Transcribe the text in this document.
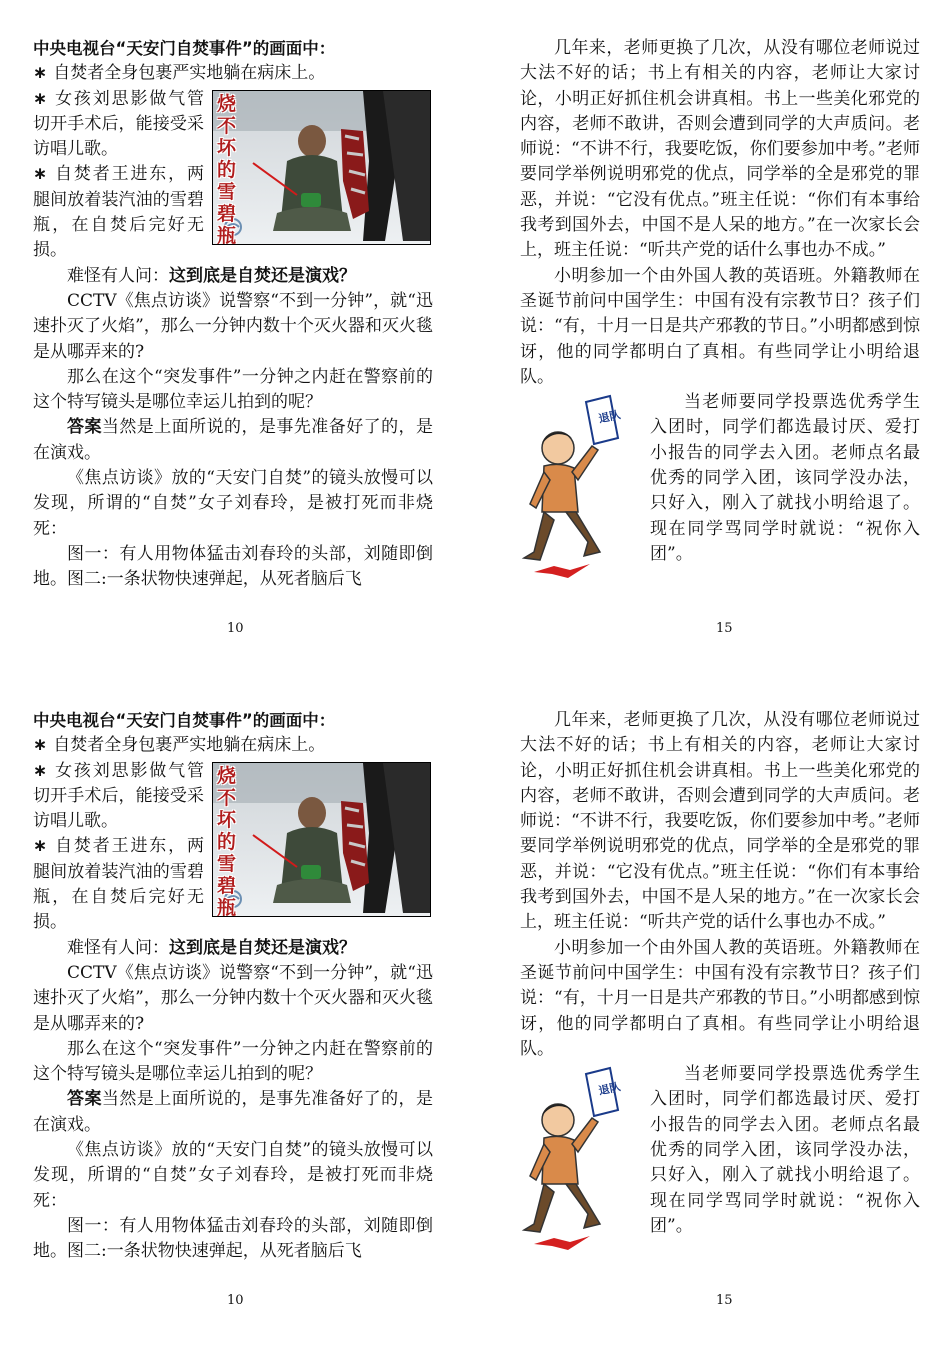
中央电视台“天安门自焚事件”的画面中：

∗ 自焚者全身包裹严实地躺在病床上。

烧不坏的雪碧瓶

∗ 女孩刘思影做气管切开手术后，能接受采访唱儿歌。

∗ 自焚者王进东，两腿间放着装汽油的雪碧瓶，在自焚后完好无损。

难怪有人问：这到底是自焚还是演戏？

CCTV《焦点访谈》说警察“不到一分钟”，就“迅速扑灭了火焰”，那么一分钟内数十个灭火器和灭火毯是从哪弄来的?

那么在这个“突发事件”一分钟之内赶在警察前的这个特写镜头是哪位幸运儿拍到的呢？

答案当然是上面所说的，是事先准备好了的，是在演戏。

《焦点访谈》放的“天安门自焚”的镜头放慢可以发现，所谓的“自焚”女子刘春玲，是被打死而非烧死：

图一：有人用物体猛击刘春玲的头部，刘随即倒地。图二:一条状物快速弹起，从死者脑后飞

10

几年来，老师更换了几次，从没有哪位老师说过大法不好的话；书上有相关的内容，老师让大家讨论，小明正好抓住机会讲真相。书上一些美化邪党的内容，老师不敢讲，否则会遭到同学的大声质问。老师说：“不讲不行，我要吃饭，你们要参加中考。”老师要同学举例说明邪党的优点，同学举的全是邪党的罪恶，并说：“它没有优点。”班主任说：“你们有本事给我考到国外去，中国不是人呆的地方。”在一次家长会上，班主任说：“听共产党的话什么事也办不成。”

小明参加一个由外国人教的英语班。外籍教师在圣诞节前问中国学生：中国有没有宗教节日？孩子们说：“有，十月一日是共产邪教的节日。”小明都感到惊讶，他的同学都明白了真相。有些同学让小明给退队。

退队

当老师要同学投票选优秀学生入团时，同学们都选最讨厌、爱打小报告的同学去入团。老师点名最优秀的同学入团，该同学没办法，只好入，刚入了就找小明给退了。现在同学骂同学时就说：“祝你入团”。

15

中央电视台“天安门自焚事件”的画面中：

∗ 自焚者全身包裹严实地躺在病床上。

烧不坏的雪碧瓶

∗ 女孩刘思影做气管切开手术后，能接受采访唱儿歌。

∗ 自焚者王进东，两腿间放着装汽油的雪碧瓶，在自焚后完好无损。

难怪有人问：这到底是自焚还是演戏？

CCTV《焦点访谈》说警察“不到一分钟”，就“迅速扑灭了火焰”，那么一分钟内数十个灭火器和灭火毯是从哪弄来的?

那么在这个“突发事件”一分钟之内赶在警察前的这个特写镜头是哪位幸运儿拍到的呢？

答案当然是上面所说的，是事先准备好了的，是在演戏。

《焦点访谈》放的“天安门自焚”的镜头放慢可以发现，所谓的“自焚”女子刘春玲，是被打死而非烧死：

图一：有人用物体猛击刘春玲的头部，刘随即倒地。图二:一条状物快速弹起，从死者脑后飞

10

几年来，老师更换了几次，从没有哪位老师说过大法不好的话；书上有相关的内容，老师让大家讨论，小明正好抓住机会讲真相。书上一些美化邪党的内容，老师不敢讲，否则会遭到同学的大声质问。老师说：“不讲不行，我要吃饭，你们要参加中考。”老师要同学举例说明邪党的优点，同学举的全是邪党的罪恶，并说：“它没有优点。”班主任说：“你们有本事给我考到国外去，中国不是人呆的地方。”在一次家长会上，班主任说：“听共产党的话什么事也办不成。”

小明参加一个由外国人教的英语班。外籍教师在圣诞节前问中国学生：中国有没有宗教节日？孩子们说：“有，十月一日是共产邪教的节日。”小明都感到惊讶，他的同学都明白了真相。有些同学让小明给退队。

退队

当老师要同学投票选优秀学生入团时，同学们都选最讨厌、爱打小报告的同学去入团。老师点名最优秀的同学入团，该同学没办法，只好入，刚入了就找小明给退了。现在同学骂同学时就说：“祝你入团”。

15
